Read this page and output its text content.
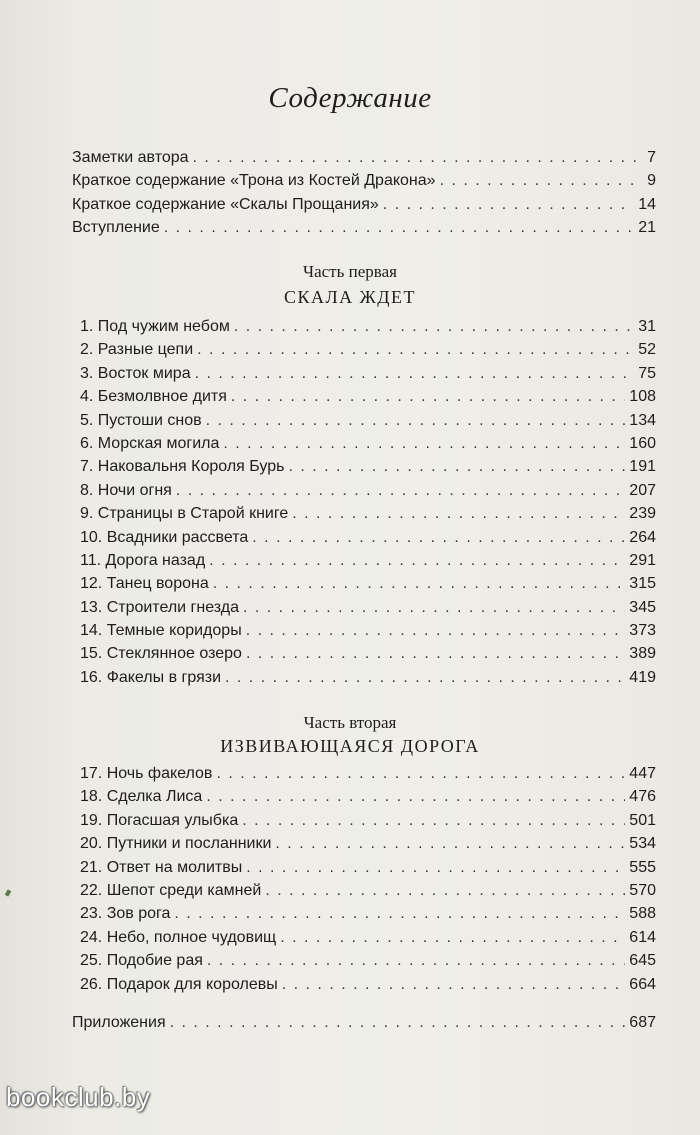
Содержание
Заметки автора . . .	7
Краткое содержание «Трона из Костей Дракона» . . .	9
Краткое содержание «Скалы Прощания» . . .	14
Вступление . . .	21
Часть первая
СКАЛА ЖДЕТ
1. Под чужим небом . . .	31
2. Разные цепи . . .	52
3. Восток мира . . .	75
4. Безмолвное дитя . . .	108
5. Пустоши снов . . .	134
6. Морская могила . . .	160
7. Наковальня Короля Бурь . . .	191
8. Ночи огня . . .	207
9. Страницы в Старой книге . . .	239
10. Всадники рассвета . . .	264
11. Дорога назад . . .	291
12. Танец ворона . . .	315
13. Строители гнезда . . .	345
14. Темные коридоры . . .	373
15. Стеклянное озеро . . .	389
16. Факелы в грязи . . .	419
Часть вторая
ИЗВИВАЮЩАЯСЯ ДОРОГА
17. Ночь факелов . . .	447
18. Сделка Лиса . . .	476
19. Погасшая улыбка . . .	501
20. Путники и посланники . . .	534
21. Ответ на молитвы . . .	555
22. Шепот среди камней . . .	570
23. Зов рога . . .	588
24. Небо, полное чудовищ . . .	614
25. Подобие рая . . .	645
26. Подарок для королевы . . .	664
Приложения . . .	687
bookclub.by
